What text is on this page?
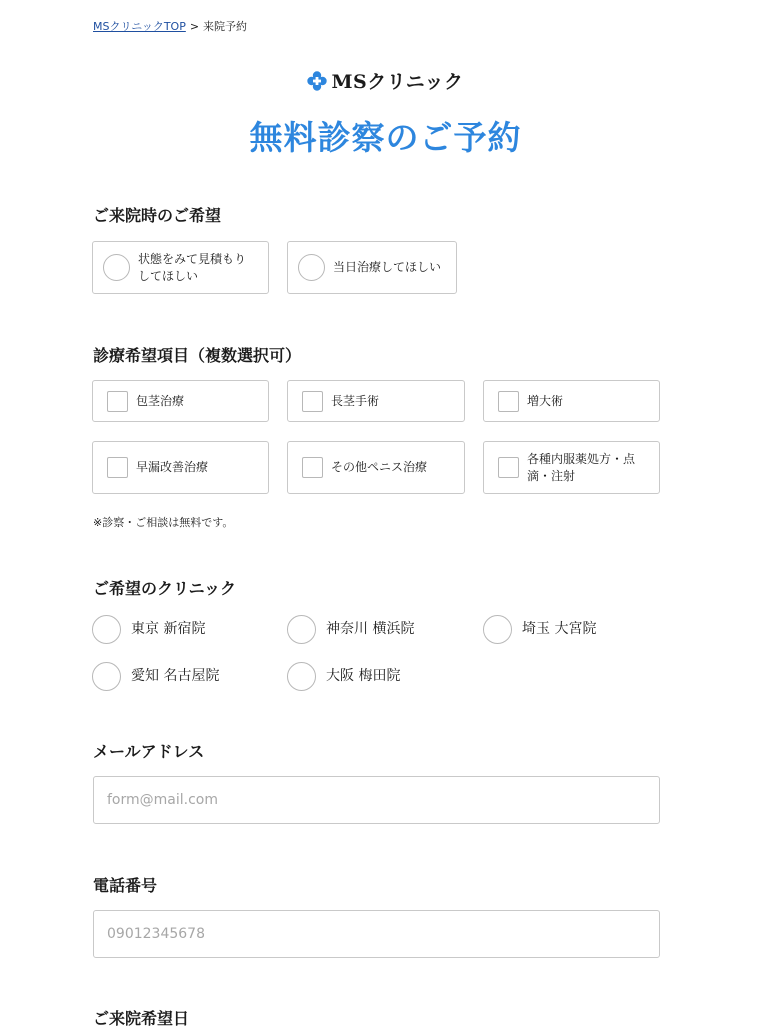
MSクリニックTOP > 来院予約
MSクリニック
無料診察のご予約
ご来院時のご希望
状態をみて見積もりしてほしい
当日治療してほしい
診療希望項目（複数選択可）
包茎治療	長茎手術	増大術
早漏改善治療	その他ペニス治療
各種内服薬処方・点滴・注射
※診察・ご相談は無料です。
ご希望のクリニック
東京 新宿院	神奈川 横浜院	埼玉 大宮院
愛知 名古屋院	大阪 梅田院
メールアドレス
form@mail.com
電話番号
09012345678
ご来院希望日
